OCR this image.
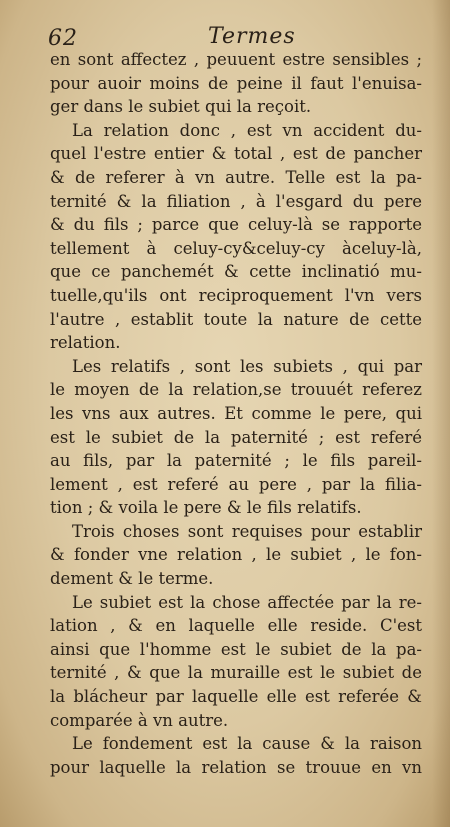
62	Termes
en sont affectez , peuuent estre sensibles ;
pour auoir moins de peine il faut l'enuisa-
ger dans le subiet qui la reçoit.
La relation donc , est vn accident du-
quel l'estre entier & total , est de pancher
& de referer à vn autre. Telle est la pa-
ternité & la filiation , à l'esgard du pere
& du fils ; parce que celuy-là se rapporte
tellement à celuy-cy&celuy-cy àceluy-là,
que ce panchemét & cette inclinatió mu-
tuelle,qu'ils ont reciproquement l'vn vers
l'autre , establit toute la nature de cette
relation.
Les relatifs , sont les subiets , qui par
le moyen de la relation,se trouuét referez
les vns aux autres. Et comme le pere, qui
est le subiet de la paternité ; est referé
au fils, par la paternité ; le fils pareil-
lement , est referé au pere , par la filia-
tion ; & voila le pere & le fils relatifs.
Trois choses sont requises pour establir
& fonder vne relation , le subiet , le fon-
dement & le terme.
Le subiet est la chose affectée par la re-
lation , & en laquelle elle reside. C'est
ainsi que l'homme est le subiet de la pa-
ternité , & que la muraille est le subiet de
la blácheur par laquelle elle est referée &
comparée à vn autre.
Le fondement est la cause & la raison
pour laquelle la relation se trouue en vn
